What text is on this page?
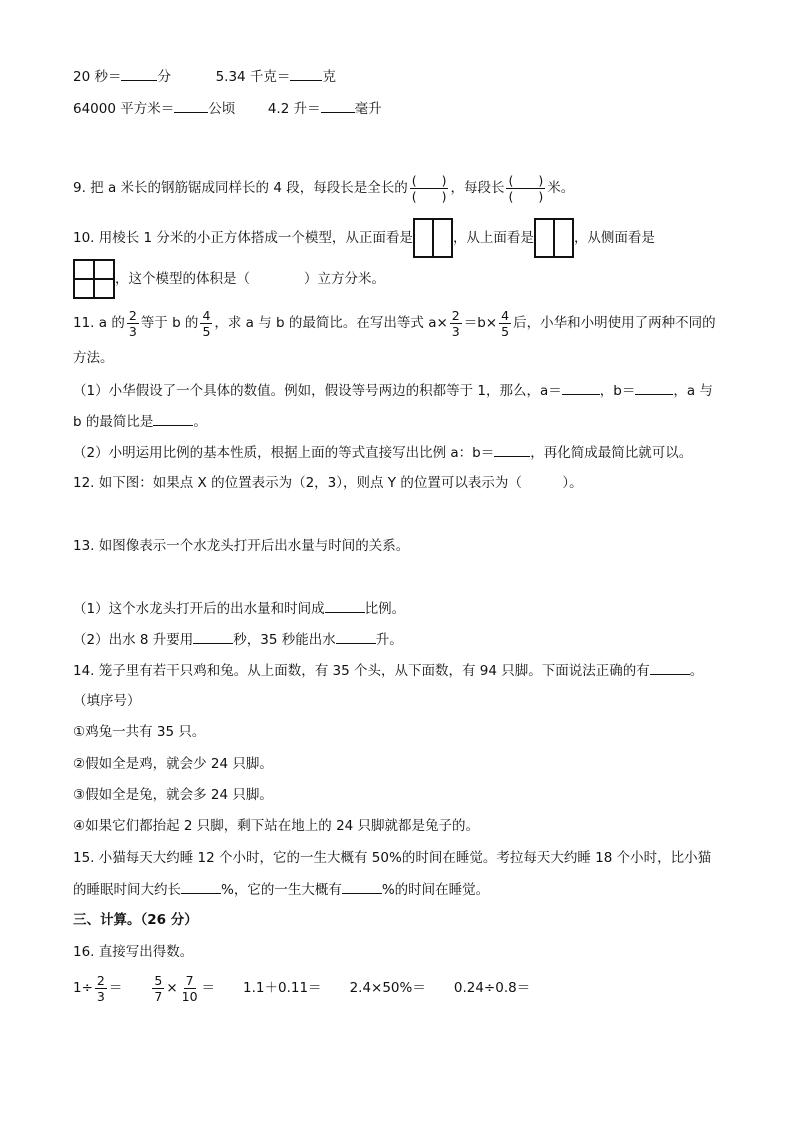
20 秒＝	分	5.34 千克＝ 克
64000 平方米＝	公顷 4.2 升＝	毫升
9. 把 a 米长的钢筋锯成同样长的 4 段，每段长是全长的 $\frac{( )}{( )}$ ，每段长 $\frac{( )}{( )}$ 米。
10. 用棱长 1 分米的小正方体搭成一个模型，从正面看是	，从上面看是	，从侧面看是
，这个模型的体积是（　　　　）立方分米。
11. a 的 $\frac{2}{3}$ 等于 b 的 $\frac{4}{5}$ ，求 a 与 b 的最简比。在写出等式 $a\times \frac{2}{3} =b\times \frac{4}{5}$ 后，小华和小明使用了两种不同的
方法。
（1）小华假设了一个具体的数值。例如，假设等号两边的积都等于 1，那么，a＝	，b＝	，a 与
b 的最简比是	。
（2）小明运用比例的基本性质，根据上面的等式直接写出比例 a：b＝	，再化简成最简比就可以。
12. 如下图：如果点 X 的位置表示为（2，3），则点 Y 的位置可以表示为（　　　）。
13. 如图像表示一个水龙头打开后出水量与时间的关系。
（1）这个水龙头打开后的出水量和时间成	比例。
（2）出水 8 升要用	秒，35 秒能出水	升。
14. 笼子里有若干只鸡和兔。从上面数，有 35 个头，从下面数，有 94 只脚。下面说法正确的有	。
（填序号）
①鸡兔一共有 35 只。
②假如全是鸡，就会少 24 只脚。
③假如全是兔，就会多 24 只脚。
④如果它们都抬起 2 只脚，剩下站在地上的 24 只脚就都是兔子的。
15. 小猫每天大约睡 12 个小时，它的一生大概有 50%的时间在睡觉。考拉每天大约睡 18 个小时，比小猫
的睡眠时间大约长	%，它的一生大概有	%的时间在睡觉。
三、计算。（26 分）
16. 直接写出得数。
$1\div \frac{2}{3} = \frac{5}{7} \times \frac{7}{10} = 1.1+0.11= 2.4\times 50\%= 0.24\div 0.8=$
